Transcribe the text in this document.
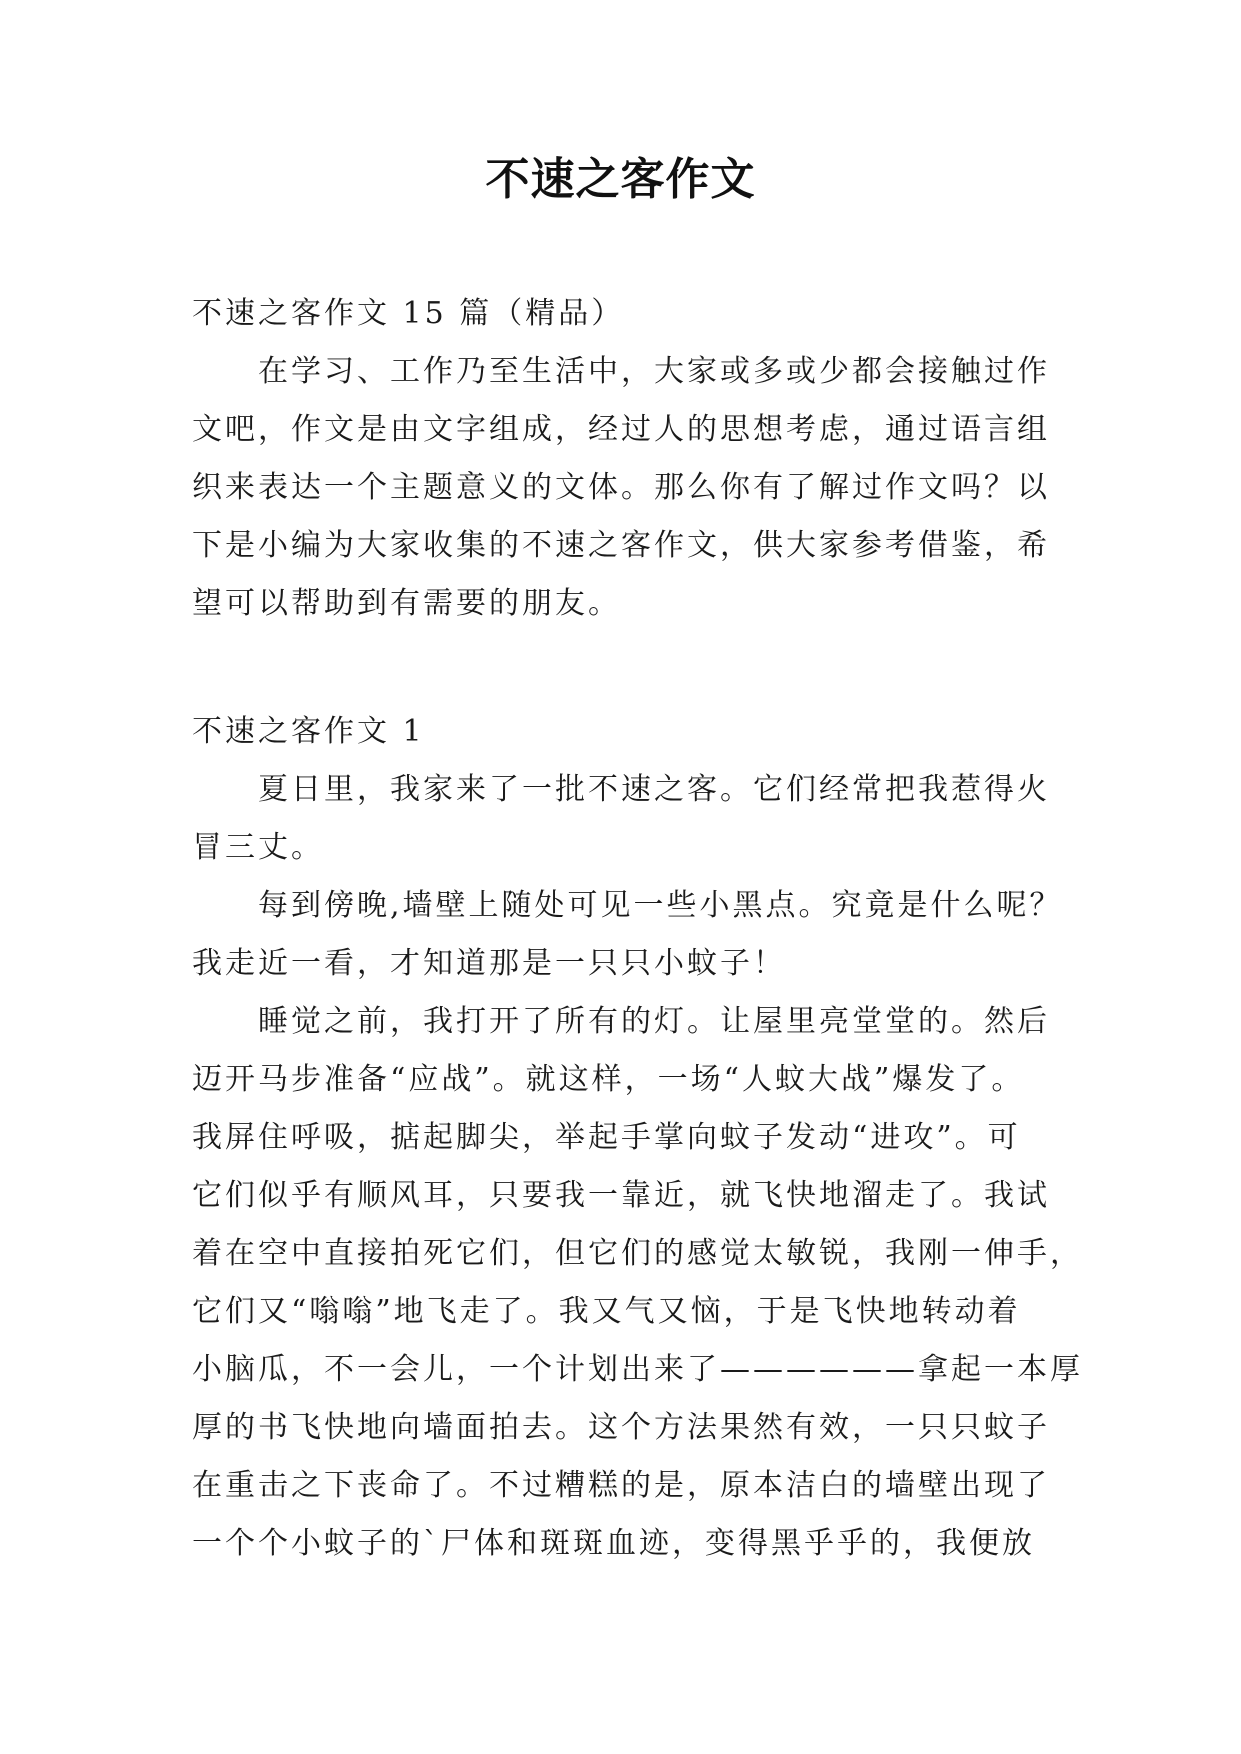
不速之客作文
不速之客作文 15 篇（精品）
在学习、工作乃至生活中，大家或多或少都会接触过作
文吧，作文是由文字组成，经过人的思想考虑，通过语言组
织来表达一个主题意义的文体。那么你有了解过作文吗？以
下是小编为大家收集的不速之客作文，供大家参考借鉴，希
望可以帮助到有需要的朋友。
不速之客作文 1
夏日里，我家来了一批不速之客。它们经常把我惹得火
冒三丈。
每到傍晚,墙壁上随处可见一些小黑点。究竟是什么呢？
我走近一看，才知道那是一只只小蚊子！
睡觉之前，我打开了所有的灯。让屋里亮堂堂的。然后
迈开马步准备“应战”。就这样，一场“人蚊大战”爆发了。
我屏住呼吸，掂起脚尖，举起手掌向蚊子发动“进攻”。可
它们似乎有顺风耳，只要我一靠近，就飞快地溜走了。我试
着在空中直接拍死它们，但它们的感觉太敏锐，我刚一伸手，
它们又“嗡嗡”地飞走了。我又气又恼，于是飞快地转动着
小脑瓜，不一会儿，一个计划出来了——————拿起一本厚
厚的书飞快地向墙面拍去。这个方法果然有效，一只只蚊子
在重击之下丧命了。不过糟糕的是，原本洁白的墙壁出现了
一个个小蚊子的`尸体和斑斑血迹，变得黑乎乎的，我便放
